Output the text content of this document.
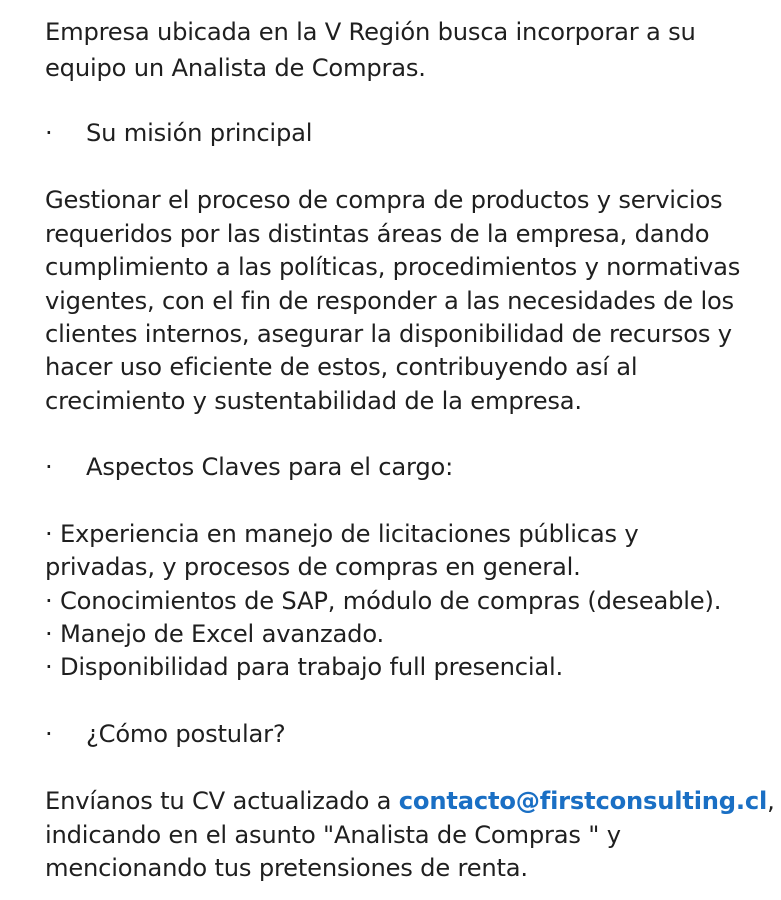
Empresa ubicada en la V Región busca incorporar a su
equipo un Analista de Compras.
· Su misión principal
Gestionar el proceso de compra de productos y servicios
requeridos por las distintas áreas de la empresa, dando
cumplimiento a las políticas, procedimientos y normativas
vigentes, con el fin de responder a las necesidades de los
clientes internos, asegurar la disponibilidad de recursos y
hacer uso eficiente de estos, contribuyendo así al
crecimiento y sustentabilidad de la empresa.
· Aspectos Claves para el cargo:
· Experiencia en manejo de licitaciones públicas y
privadas, y procesos de compras en general.
· Conocimientos de SAP, módulo de compras (deseable).
· Manejo de Excel avanzado.
· Disponibilidad para trabajo full presencial.
· ¿Cómo postular?
Envíanos tu CV actualizado a contacto@firstconsulting.cl,
indicando en el asunto "Analista de Compras " y
mencionando tus pretensiones de renta.
